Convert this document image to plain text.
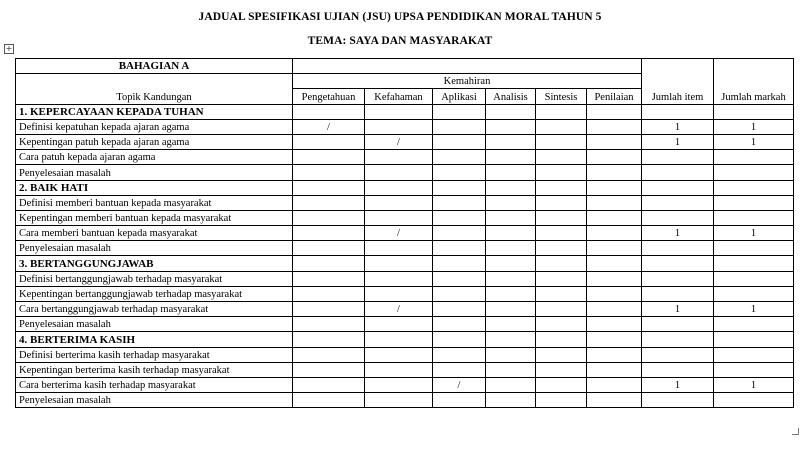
JADUAL SPESIFIKASI UJIAN (JSU) UPSA PENDIDIKAN MORAL TAHUN 5
TEMA: SAYA DAN MASYARAKAT
+
BAHAGIAN A							Jumlah item	Jumlah markah
Topik Kandungan	Kemahiran							
	Pengetahuan	Kefahaman	Aplikasi	Analisis	Sintesis	Penilaian		
1. KEPERCAYAAN KEPADA TUHAN								
Definisi kepatuhan kepada ajaran agama	/						1	1
Kepentingan patuh kepada ajaran agama		/					1	1
Cara patuh kepada ajaran agama								
Penyelesaian masalah								
2. BAIK HATI								
Definisi memberi bantuan kepada masyarakat								
Kepentingan memberi bantuan kepada masyarakat								
Cara memberi bantuan kepada masyarakat		/					1	1
Penyelesaian masalah								
3. BERTANGGUNGJAWAB								
Definisi bertanggungjawab terhadap masyarakat								
Kepentingan bertanggungjawab terhadap masyarakat								
Cara bertanggungjawab terhadap masyarakat		/					1	1
Penyelesaian masalah								
4. BERTERIMA KASIH								
Definisi berterima kasih terhadap masyarakat								
Kepentingan berterima kasih terhadap masyarakat								
Cara berterima kasih terhadap masyarakat			/				1	1
Penyelesaian masalah								
